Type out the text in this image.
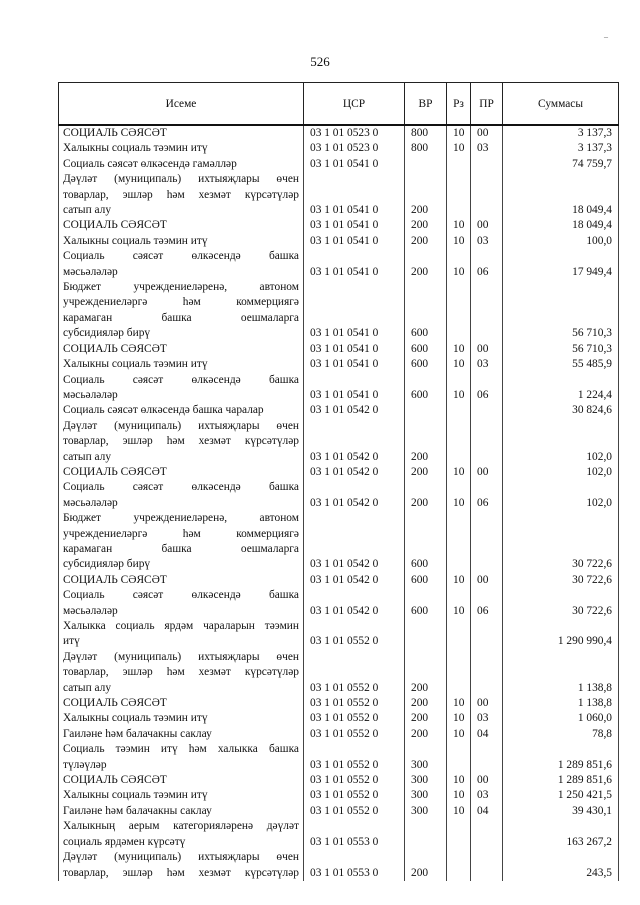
526
–
Исеме	ЦСР	ВР	Рз	ПР	Суммасы
СОЦИАЛЬ СӘЯСӘТ	03 1 01 0523 0	800	10	00	3 137,3
Халыкны социаль тәэмин итү	03 1 01 0523 0	800	10	03	3 137,3
Социаль сәясәт өлкәсендә гамәлләр	03 1 01 0541 0				74 759,7
Дәүләт (муниципаль) ихтыяҗлары өчен					
товарлар, эшләр һәм хезмәт күрсәтүләр					
сатып алу	03 1 01 0541 0	200			18 049,4
СОЦИАЛЬ СӘЯСӘТ	03 1 01 0541 0	200	10	00	18 049,4
Халыкны социаль тәэмин итү	03 1 01 0541 0	200	10	03	100,0
Социаль сәясәт өлкәсендә башка					
мәсьәләләр	03 1 01 0541 0	200	10	06	17 949,4
Бюджет учреждениеләренә, автоном					
учреждениеләргә һәм коммерциягә					
карамаган башка оешмаларга					
субсидияләр бирү	03 1 01 0541 0	600			56 710,3
СОЦИАЛЬ СӘЯСӘТ	03 1 01 0541 0	600	10	00	56 710,3
Халыкны социаль тәэмин итү	03 1 01 0541 0	600	10	03	55 485,9
Социаль сәясәт өлкәсендә башка					
мәсьәләләр	03 1 01 0541 0	600	10	06	1 224,4
Социаль сәясәт өлкәсендә башка чаралар	03 1 01 0542 0				30 824,6
Дәүләт (муниципаль) ихтыяҗлары өчен					
товарлар, эшләр һәм хезмәт күрсәтүләр					
сатып алу	03 1 01 0542 0	200			102,0
СОЦИАЛЬ СӘЯСӘТ	03 1 01 0542 0	200	10	00	102,0
Социаль сәясәт өлкәсендә башка					
мәсьәләләр	03 1 01 0542 0	200	10	06	102,0
Бюджет учреждениеләренә, автоном					
учреждениеләргә һәм коммерциягә					
карамаган башка оешмаларга					
субсидияләр бирү	03 1 01 0542 0	600			30 722,6
СОЦИАЛЬ СӘЯСӘТ	03 1 01 0542 0	600	10	00	30 722,6
Социаль сәясәт өлкәсендә башка					
мәсьәләләр	03 1 01 0542 0	600	10	06	30 722,6
Халыкка социаль ярдәм чараларын тәэмин					
итү	03 1 01 0552 0				1 290 990,4
Дәүләт (муниципаль) ихтыяҗлары өчен					
товарлар, эшләр һәм хезмәт күрсәтүләр					
сатып алу	03 1 01 0552 0	200			1 138,8
СОЦИАЛЬ СӘЯСӘТ	03 1 01 0552 0	200	10	00	1 138,8
Халыкны социаль тәэмин итү	03 1 01 0552 0	200	10	03	1 060,0
Гаиләне һәм балачакны саклау	03 1 01 0552 0	200	10	04	78,8
Социаль тәэмин итү һәм халыкка башка					
түләүләр	03 1 01 0552 0	300			1 289 851,6
СОЦИАЛЬ СӘЯСӘТ	03 1 01 0552 0	300	10	00	1 289 851,6
Халыкны социаль тәэмин итү	03 1 01 0552 0	300	10	03	1 250 421,5
Гаиләне һәм балачакны саклау	03 1 01 0552 0	300	10	04	39 430,1
Халыкның аерым категорияләренә дәүләт					
социаль ярдәмен күрсәтү	03 1 01 0553 0				163 267,2
Дәүләт (муниципаль) ихтыяҗлары өчен					
товарлар, эшләр һәм хезмәт күрсәтүләр	03 1 01 0553 0	200			243,5
